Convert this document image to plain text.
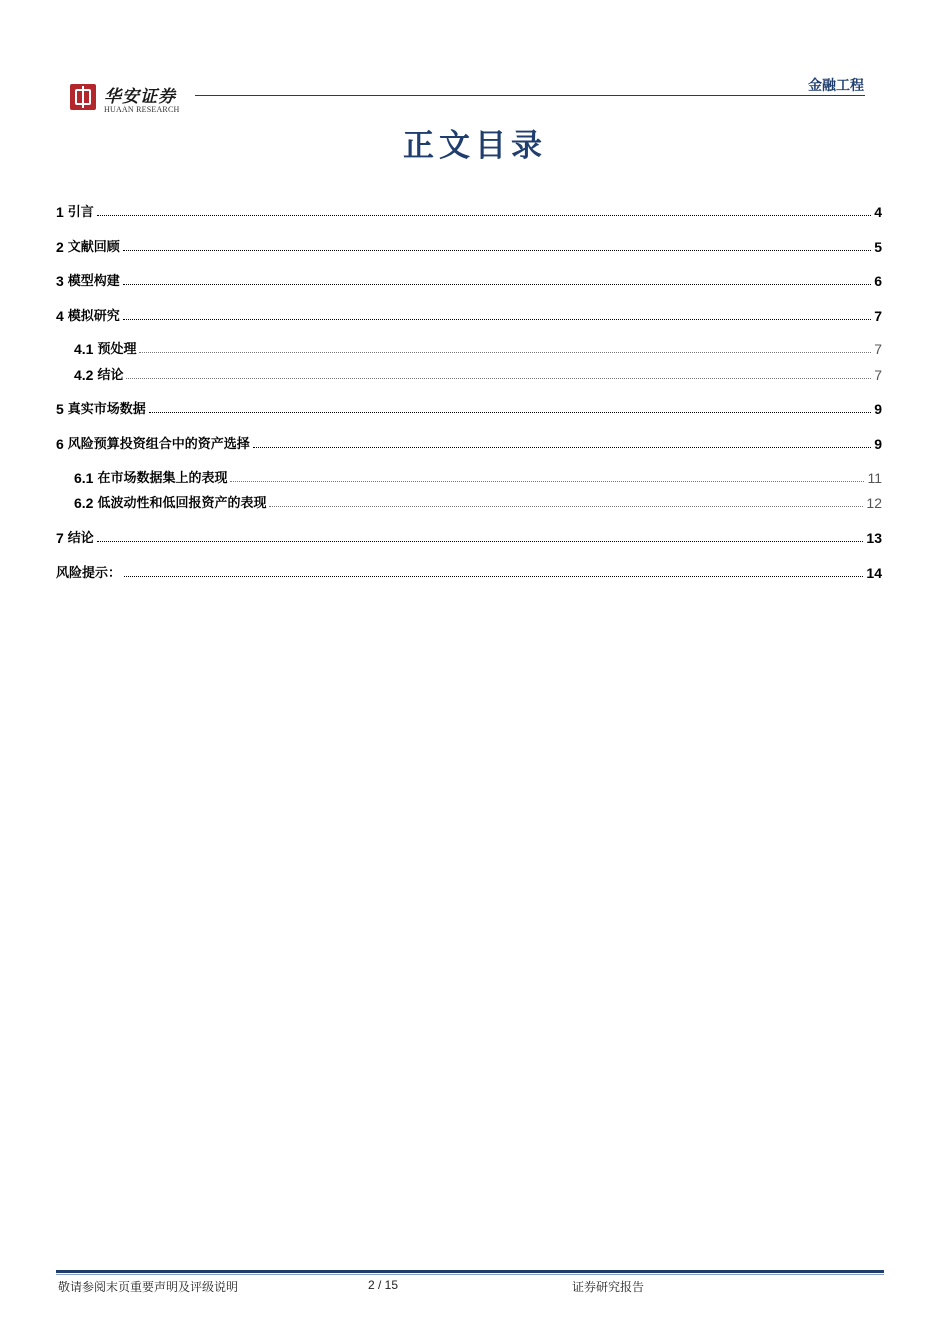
华安证券
HUAAN RESEARCH
金融工程
正文目录
1 引言	4
2 文献回顾	5
3 模型构建	6
4 模拟研究	7
4.1 预处理	7
4.2 结论	7
5 真实市场数据	9
6 风险预算投资组合中的资产选择	9
6.1 在市场数据集上的表现	11
6.2 低波动性和低回报资产的表现	12
7 结论	13
风险提示：	14
敬请参阅末页重要声明及评级说明	2 / 15	证券研究报告
